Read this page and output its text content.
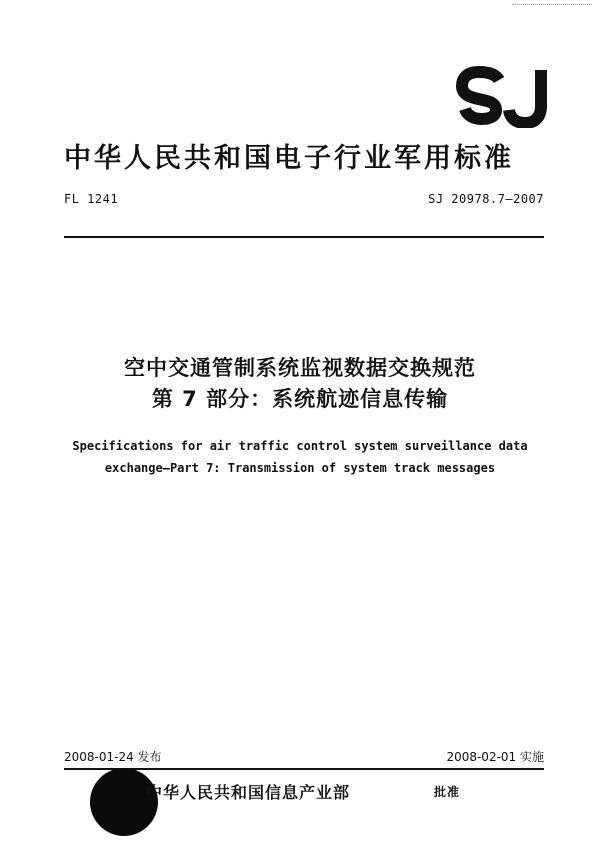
中华人民共和国电子行业军用标准
FL 1241	SJ 20978.7—2007
空中交通管制系统监视数据交换规范
第 7 部分：系统航迹信息传输
Specifications for air traffic control system surveillance data
exchange—Part 7: Transmission of system track messages
2008-01-24 发布	2008-02-01 实施
中华人民共和国信息产业部	批准
